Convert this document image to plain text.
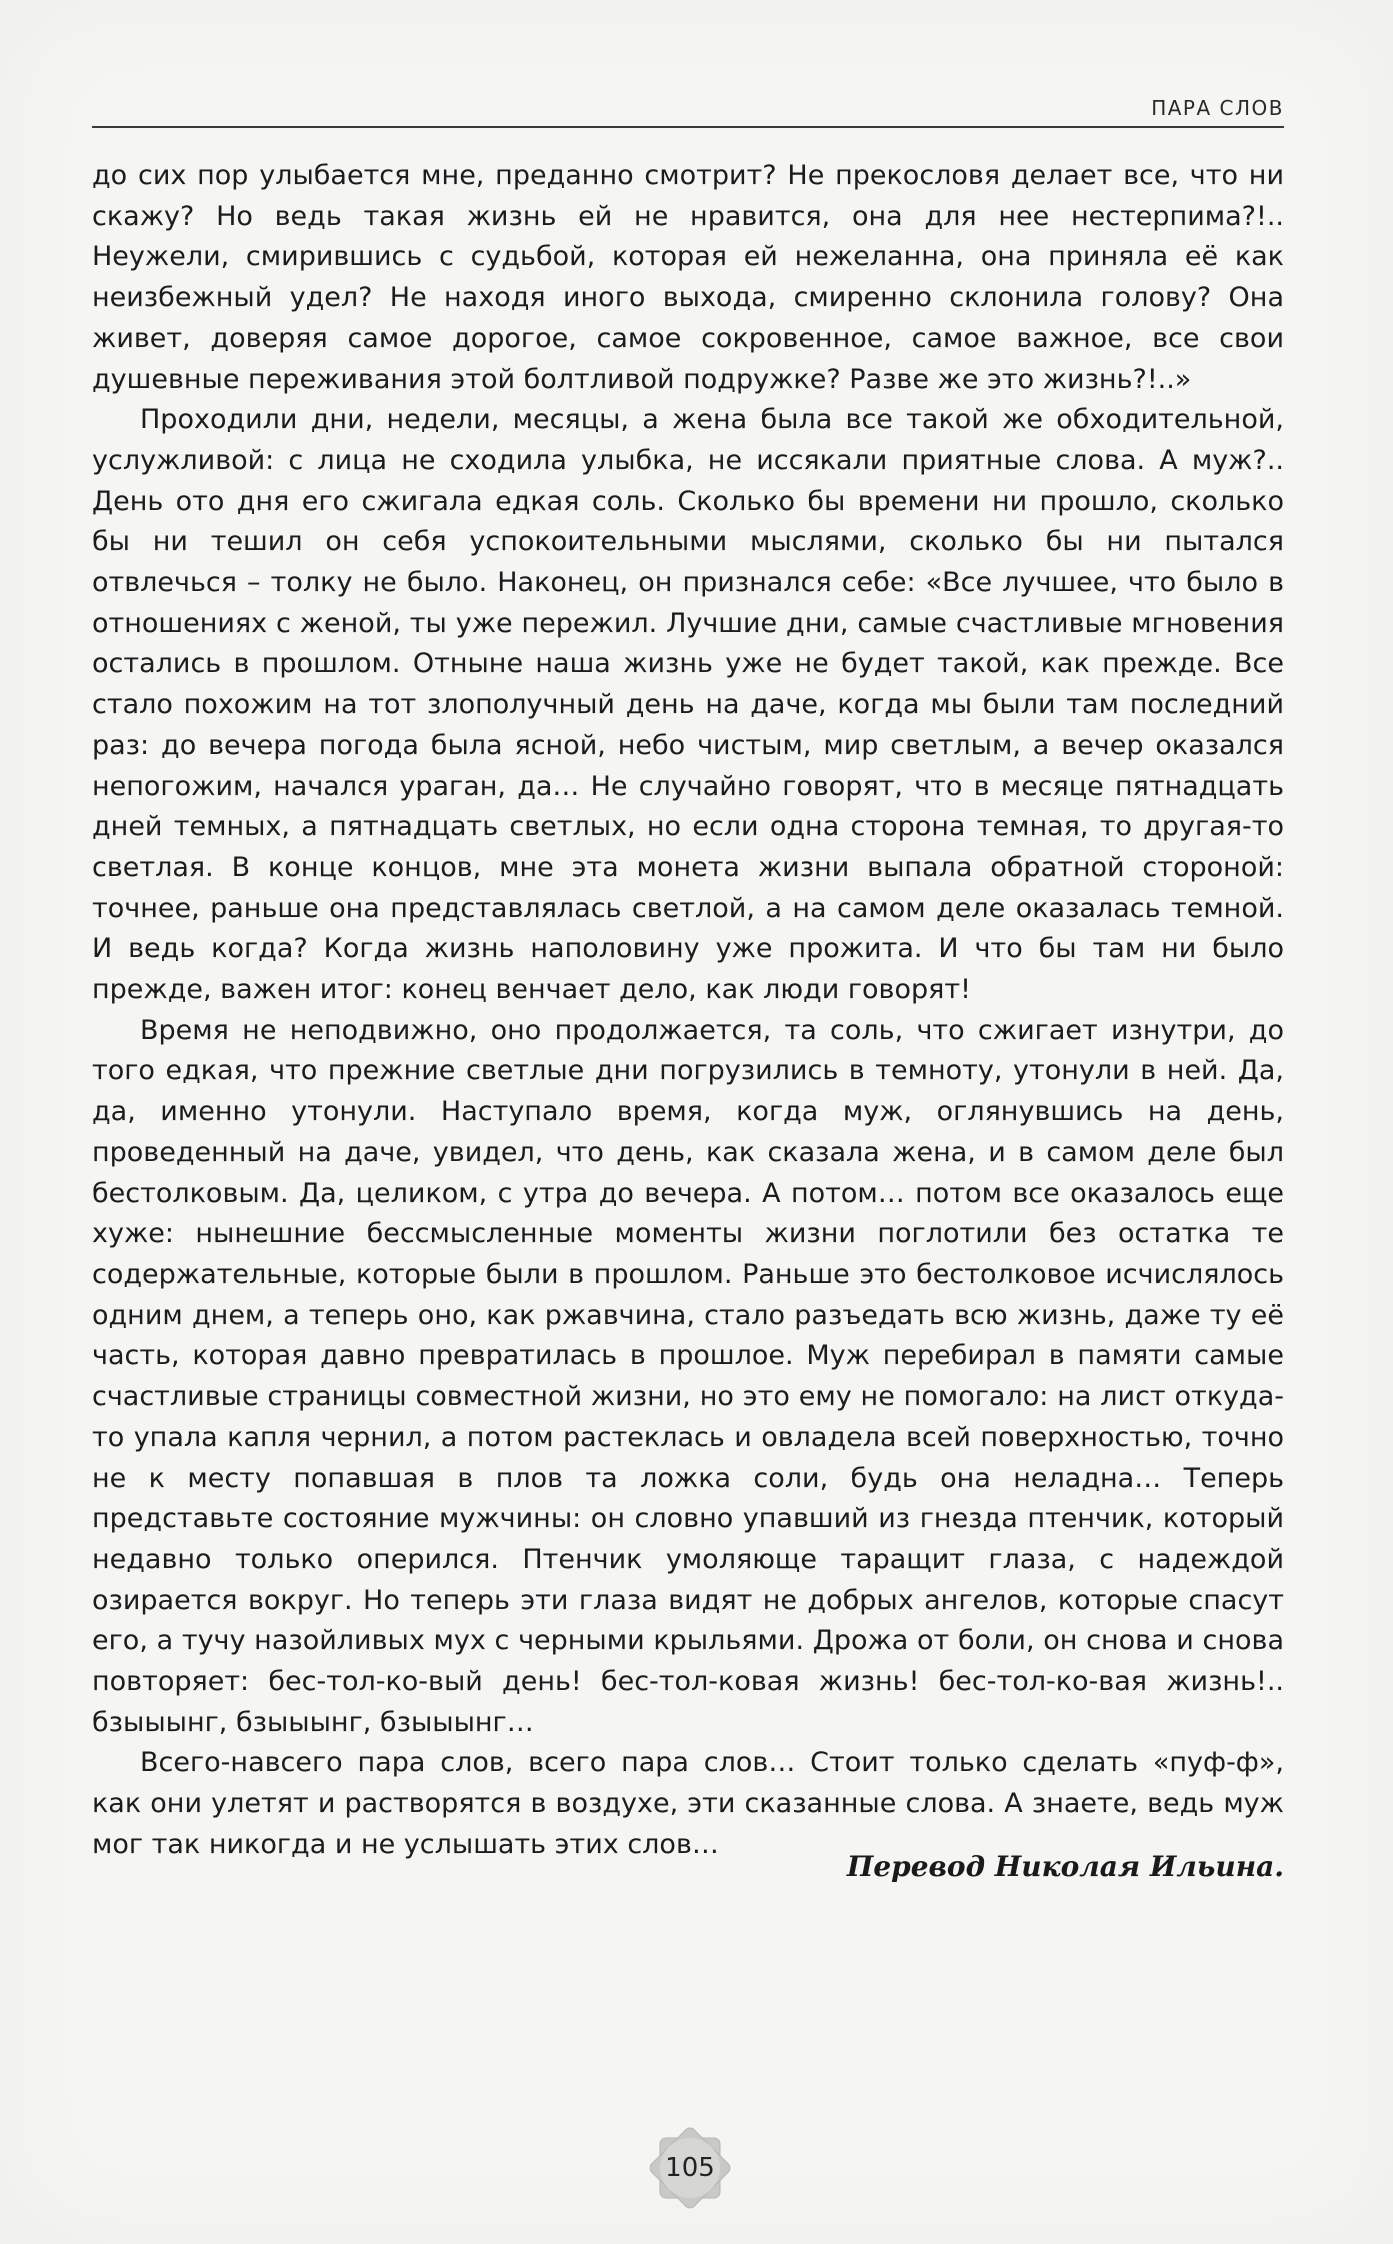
ПАРА СЛОВ

до сих пор улыбается мне, преданно смотрит? Не прекословя делает все, что ни скажу? Но ведь такая жизнь ей не нравится, она для нее нестерпима?!.. Неужели, смирившись с судьбой, которая ей нежеланна, она приняла её как неизбежный удел? Не находя иного выхода, смиренно склонила голову? Она живет, доверяя самое дорогое, самое сокровенное, самое важное, все свои душевные переживания этой болтливой подружке? Разве же это жизнь?!..»

Проходили дни, недели, месяцы, а жена была все такой же обходительной, услужливой: с лица не сходила улыбка, не иссякали приятные слова. А муж?.. День ото дня его сжигала едкая соль. Сколько бы времени ни прошло, сколько бы ни тешил он себя успокоительными мыслями, сколько бы ни пытался отвлечься – толку не было. Наконец, он признался себе: «Все лучшее, что было в отношениях с женой, ты уже пережил. Лучшие дни, самые счастливые мгновения остались в прошлом. Отныне наша жизнь уже не будет такой, как прежде. Все стало похожим на тот злополучный день на даче, когда мы были там последний раз: до вечера погода была ясной, небо чистым, мир светлым, а вечер оказался непогожим, начался ураган, да… Не случайно говорят, что в месяце пятнадцать дней темных, а пятнадцать светлых, но если одна сторона темная, то другая-то светлая. В конце концов, мне эта монета жизни выпала обратной стороной: точнее, раньше она представлялась светлой, а на самом деле оказалась темной. И ведь когда? Когда жизнь наполовину уже прожита. И что бы там ни было прежде, важен итог: конец венчает дело, как люди говорят!

Время не неподвижно, оно продолжается, та соль, что сжигает изнутри, до того едкая, что прежние светлые дни погрузились в темноту, утонули в ней. Да, да, именно утонули. Наступало время, когда муж, оглянувшись на день, проведенный на даче, увидел, что день, как сказала жена, и в самом деле был бестолковым. Да, целиком, с утра до вечера. А потом… потом все оказалось еще хуже: нынешние бессмысленные моменты жизни поглотили без остатка те содержательные, которые были в прошлом. Раньше это бестолковое исчислялось одним днем, а теперь оно, как ржавчина, стало разъедать всю жизнь, даже ту её часть, которая давно превратилась в прошлое. Муж перебирал в памяти самые счастливые страницы совместной жизни, но это ему не помогало: на лист откуда-то упала капля чернил, а потом растеклась и овладела всей поверхностью, точно не к месту попавшая в плов та ложка соли, будь она неладна… Теперь представьте состояние мужчины: он словно упавший из гнезда птенчик, который недавно только оперился. Птенчик умоляюще таращит глаза, с надеждой озирается вокруг. Но теперь эти глаза видят не добрых ангелов, которые спасут его, а тучу назойливых мух с черными крыльями. Дрожа от боли, он снова и снова повторяет: бес-тол-ко-вый день! бес-тол-ковая жизнь! бес-тол-ко-вая жизнь!.. бзыыынг, бзыыынг, бзыыынг…

Всего-навсего пара слов, всего пара слов… Стоит только сделать «пуф-ф», как они улетят и растворятся в воздухе, эти сказанные слова. А знаете, ведь муж мог так никогда и не услышать этих слов…

Перевод Николая Ильина.
105
